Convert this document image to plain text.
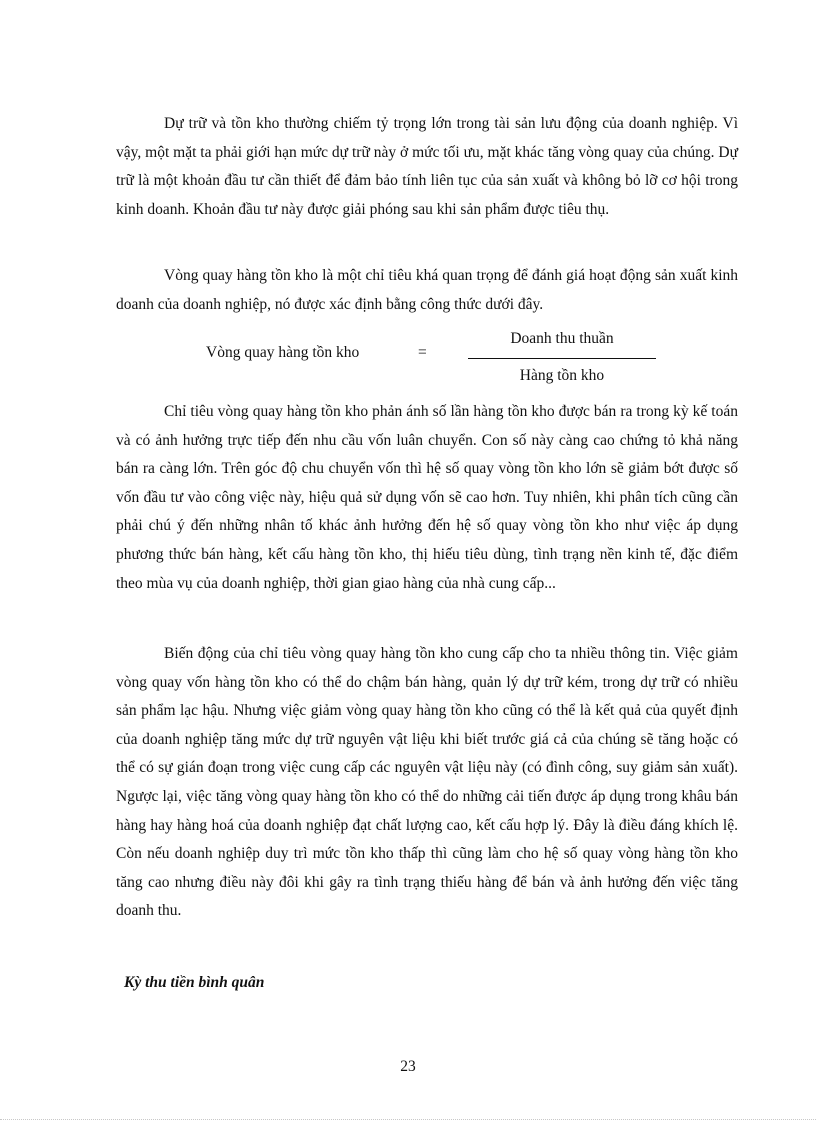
Dự trữ và tồn kho thường chiếm tỷ trọng lớn trong tài sản lưu động của doanh nghiệp. Vì vậy, một mặt ta phải giới hạn mức dự trữ này ở mức tối ưu, mặt khác tăng vòng quay của chúng. Dự trữ là một khoản đầu tư cần thiết để đảm bảo tính liên tục của sản xuất và không bỏ lỡ cơ hội trong kinh doanh. Khoản đầu tư này được giải phóng sau khi sản phẩm được tiêu thụ.

Vòng quay hàng tồn kho là một chỉ tiêu khá quan trọng để đánh giá hoạt động sản xuất kinh doanh của doanh nghiệp, nó được xác định bằng công thức dưới đây.

Vòng quay hàng tồn kho	=
Doanh thu thuần
Hàng tồn kho

Chỉ tiêu vòng quay hàng tồn kho phản ánh số lần hàng tồn kho được bán ra trong kỳ kế toán và có ảnh hưởng trực tiếp đến nhu cầu vốn luân chuyển. Con số này càng cao chứng tỏ khả năng bán ra càng lớn. Trên góc độ chu chuyển vốn thì hệ số quay vòng tồn kho lớn sẽ giảm bớt được số vốn đầu tư vào công việc này, hiệu quả sử dụng vốn sẽ cao hơn. Tuy nhiên, khi phân tích cũng cần phải chú ý đến những nhân tố khác ảnh hưởng đến hệ số quay vòng tồn kho như việc áp dụng phương thức bán hàng, kết cấu hàng tồn kho, thị hiếu tiêu dùng, tình trạng nền kinh tế, đặc điểm theo mùa vụ của doanh nghiệp, thời gian giao hàng của nhà cung cấp...

Biến động của chỉ tiêu vòng quay hàng tồn kho cung cấp cho ta nhiều thông tin. Việc giảm vòng quay vốn hàng tồn kho có thể do chậm bán hàng, quản lý dự trữ kém, trong dự trữ có nhiều sản phẩm lạc hậu. Nhưng việc giảm vòng quay hàng tồn kho cũng có thể là kết quả của quyết định của doanh nghiệp tăng mức dự trữ nguyên vật liệu khi biết trước giá cả của chúng sẽ tăng hoặc có thể có sự gián đoạn trong việc cung cấp các nguyên vật liệu này (có đình công, suy giảm sản xuất). Ngược lại, việc tăng vòng quay hàng tồn kho có thể do những cải tiến được áp dụng trong khâu bán hàng hay hàng hoá của doanh nghiệp đạt chất lượng cao, kết cấu hợp lý. Đây là điều đáng khích lệ. Còn nếu doanh nghiệp duy trì mức tồn kho thấp thì cũng làm cho hệ số quay vòng hàng tồn kho tăng cao nhưng điều này đôi khi gây ra tình trạng thiếu hàng để bán và ảnh hưởng đến việc tăng doanh thu.

Kỳ thu tiền bình quân
23
